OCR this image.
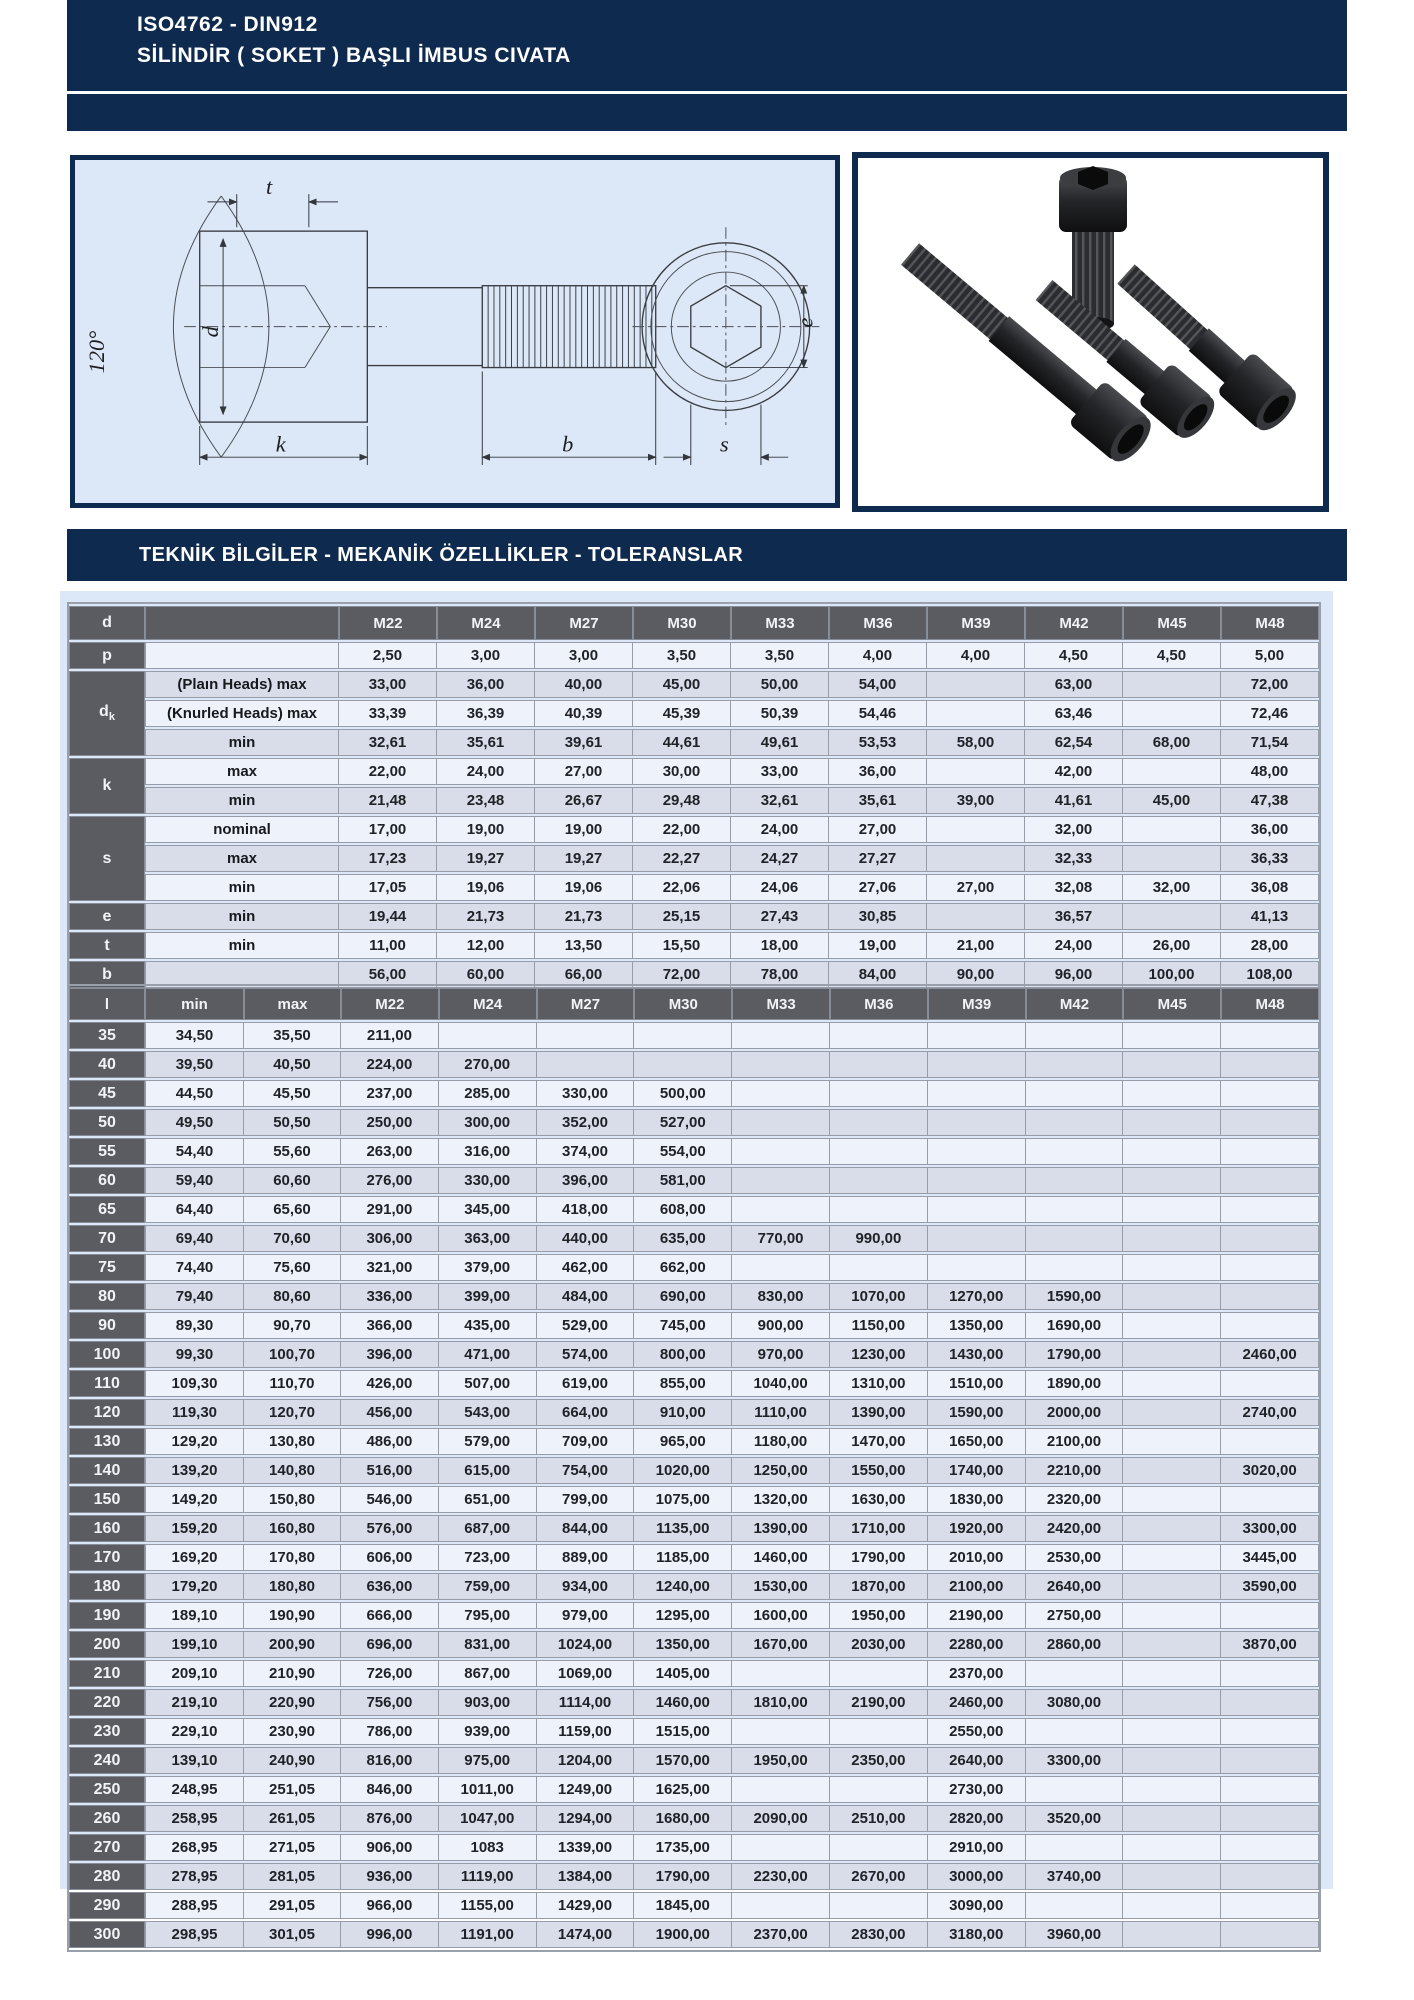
ISO4762 - DIN912
SİLİNDİR ( SOKET ) BAŞLI İMBUS CIVATA
t
120°	d
k	b
e
s
TEKNİK BİLGİLER - MEKANİK ÖZELLİKLER - TOLERANSLAR
d		M22	M24	M27	M30	M33	M36	M39	M42	M45	M48
p		2,50	3,00	3,00	3,50	3,50	4,00	4,00	4,50	4,50	5,00
$d_k$	(Plaın Heads) max	33,00	36,00	40,00	45,00	50,00	54,00		63,00		72,00
	(Knurled Heads) max	33,39	36,39	40,39	45,39	50,39	54,46		63,46		72,46
	min	32,61	35,61	39,61	44,61	49,61	53,53	58,00	62,54	68,00	71,54
k	max	22,00	24,00	27,00	30,00	33,00	36,00		42,00		48,00
	min	21,48	23,48	26,67	29,48	32,61	35,61	39,00	41,61	45,00	47,38
s	nominal	17,00	19,00	19,00	22,00	24,00	27,00		32,00		36,00
	max	17,23	19,27	19,27	22,27	24,27	27,27		32,33		36,33
	min	17,05	19,06	19,06	22,06	24,06	27,06	27,00	32,08	32,00	36,08
e	min	19,44	21,73	21,73	25,15	27,43	30,85		36,57		41,13
t	min	11,00	12,00	13,50	15,50	18,00	19,00	21,00	24,00	26,00	28,00
b		56,00	60,00	66,00	72,00	78,00	84,00	90,00	96,00	100,00	108,00
l	min	max	M22	M24	M27	M30	M33	M36	M39	M42	M45	M48
35	34,50	35,50	211,00									
40	39,50	40,50	224,00	270,00								
45	44,50	45,50	237,00	285,00	330,00	500,00						
50	49,50	50,50	250,00	300,00	352,00	527,00						
55	54,40	55,60	263,00	316,00	374,00	554,00						
60	59,40	60,60	276,00	330,00	396,00	581,00						
65	64,40	65,60	291,00	345,00	418,00	608,00						
70	69,40	70,60	306,00	363,00	440,00	635,00	770,00	990,00				
75	74,40	75,60	321,00	379,00	462,00	662,00						
80	79,40	80,60	336,00	399,00	484,00	690,00	830,00	1070,00	1270,00	1590,00		
90	89,30	90,70	366,00	435,00	529,00	745,00	900,00	1150,00	1350,00	1690,00		
100	99,30	100,70	396,00	471,00	574,00	800,00	970,00	1230,00	1430,00	1790,00		2460,00
110	109,30	110,70	426,00	507,00	619,00	855,00	1040,00	1310,00	1510,00	1890,00		
120	119,30	120,70	456,00	543,00	664,00	910,00	1110,00	1390,00	1590,00	2000,00		2740,00
130	129,20	130,80	486,00	579,00	709,00	965,00	1180,00	1470,00	1650,00	2100,00		
140	139,20	140,80	516,00	615,00	754,00	1020,00	1250,00	1550,00	1740,00	2210,00		3020,00
150	149,20	150,80	546,00	651,00	799,00	1075,00	1320,00	1630,00	1830,00	2320,00		
160	159,20	160,80	576,00	687,00	844,00	1135,00	1390,00	1710,00	1920,00	2420,00		3300,00
170	169,20	170,80	606,00	723,00	889,00	1185,00	1460,00	1790,00	2010,00	2530,00		3445,00
180	179,20	180,80	636,00	759,00	934,00	1240,00	1530,00	1870,00	2100,00	2640,00		3590,00
190	189,10	190,90	666,00	795,00	979,00	1295,00	1600,00	1950,00	2190,00	2750,00		
200	199,10	200,90	696,00	831,00	1024,00	1350,00	1670,00	2030,00	2280,00	2860,00		3870,00
210	209,10	210,90	726,00	867,00	1069,00	1405,00			2370,00			
220	219,10	220,90	756,00	903,00	1114,00	1460,00	1810,00	2190,00	2460,00	3080,00		
230	229,10	230,90	786,00	939,00	1159,00	1515,00			2550,00			
240	139,10	240,90	816,00	975,00	1204,00	1570,00	1950,00	2350,00	2640,00	3300,00		
250	248,95	251,05	846,00	1011,00	1249,00	1625,00			2730,00			
260	258,95	261,05	876,00	1047,00	1294,00	1680,00	2090,00	2510,00	2820,00	3520,00		
270	268,95	271,05	906,00	1083	1339,00	1735,00			2910,00			
280	278,95	281,05	936,00	1119,00	1384,00	1790,00	2230,00	2670,00	3000,00	3740,00		
290	288,95	291,05	966,00	1155,00	1429,00	1845,00			3090,00			
300	298,95	301,05	996,00	1191,00	1474,00	1900,00	2370,00	2830,00	3180,00	3960,00		
